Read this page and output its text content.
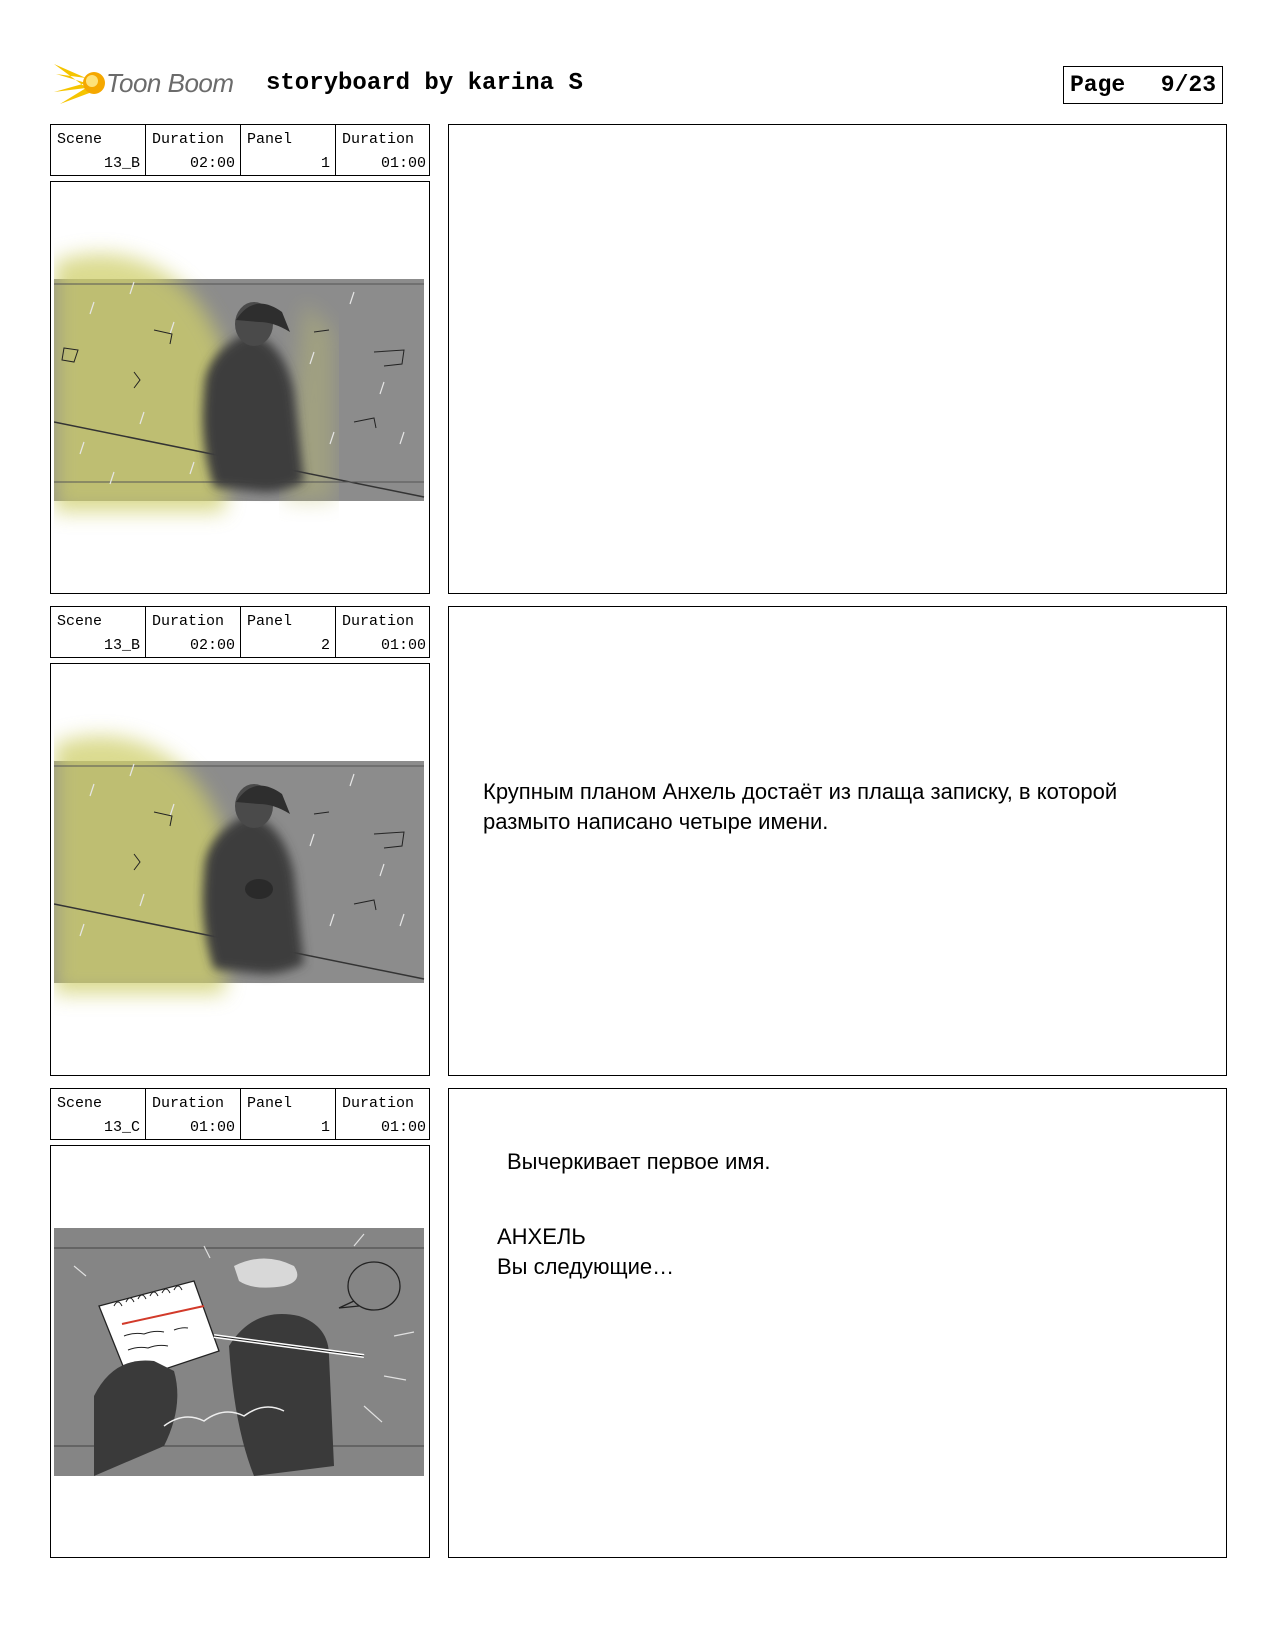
Toon Boom storyboard by karina S	Page 9/23
Scene
13_B
Duration
02:00
Panel
1
Duration
01:00
Scene
13_B
Duration
02:00
Panel
2
Duration
01:00
Крупным планом Анхель достаёт из плаща записку, в которой
размыто написано четыре имени.
Scene
13_C
Duration
01:00
Panel
1
Duration
01:00
Вычеркивает первое имя.
АНХЕЛЬ
Вы следующие…
